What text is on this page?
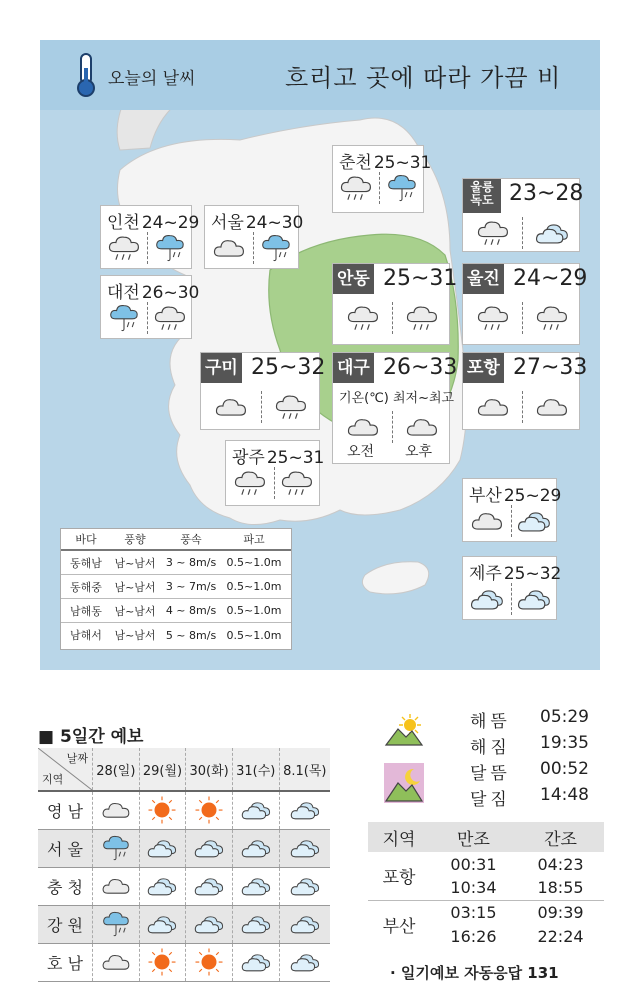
오늘의 날씨	흐리고 곳에 따라 가끔 비
춘천 25~31
인천 24~29 서울 24~30
대전 26~30
울릉 독도 23~28
안동 25~31 울진 24~29
구미 25~32 대구 26~33
기온(℃) 최저~최고
오전 오후
포항 27~33
광주 25~31
부산 25~29
제주 25~32
바다	풍향	풍속	파고
동해남	남~남서 3 ~ 8m/s 0.5~1.0m
동해중	남~남서 3 ~ 7m/s 0.5~1.0m
남해동	남~남서 4 ~ 8m/s 0.5~1.0m
남해서	남~남서 5 ~ 8m/s 0.5~1.0m
■ 5일간 예보
날짜
지역	28(일)	29(월)	30(화)	31(수)	8.1(목)
영 남					
서 울					
충 청					
강 원					
호 남					
해뜸 05:29
해짐 19:35
달뜸 00:52
달짐 14:48
지역	만조	간조
포항	00:31	04:23
	10:34	18:55
부산	03:15	09:39
	16:26	22:24
· 일기예보 자동응답 131
